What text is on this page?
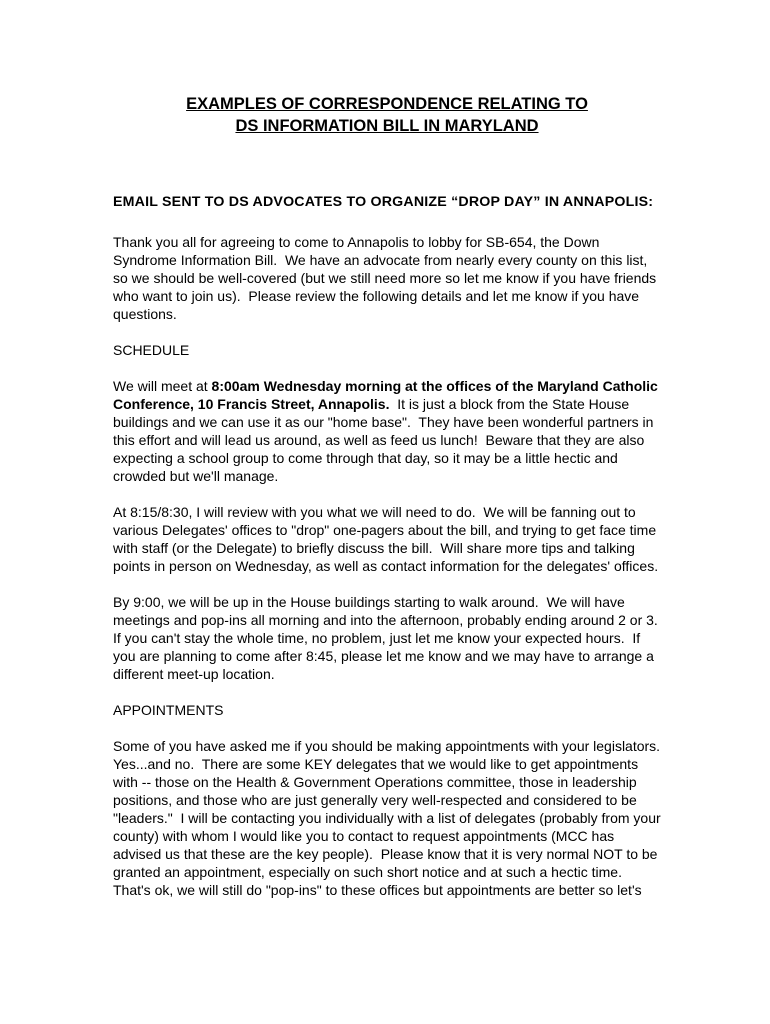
EXAMPLES OF CORRESPONDENCE RELATING TO
DS INFORMATION BILL IN MARYLAND
EMAIL SENT TO DS ADVOCATES TO ORGANIZE “DROP DAY” IN ANNAPOLIS:

Thank you all for agreeing to come to Annapolis to lobby for SB-654, the Down Syndrome Information Bill.  We have an advocate from nearly every county on this list, so we should be well-covered (but we still need more so let me know if you have friends who want to join us).  Please review the following details and let me know if you have questions.

SCHEDULE

We will meet at 8:00am Wednesday morning at the offices of the Maryland Catholic Conference, 10 Francis Street, Annapolis.  It is just a block from the State House buildings and we can use it as our "home base".  They have been wonderful partners in this effort and will lead us around, as well as feed us lunch!  Beware that they are also expecting a school group to come through that day, so it may be a little hectic and crowded but we'll manage.

At 8:15/8:30, I will review with you what we will need to do.  We will be fanning out to various Delegates' offices to "drop" one-pagers about the bill, and trying to get face time with staff (or the Delegate) to briefly discuss the bill.  Will share more tips and talking points in person on Wednesday, as well as contact information for the delegates' offices.

By 9:00, we will be up in the House buildings starting to walk around.  We will have meetings and pop-ins all morning and into the afternoon, probably ending around 2 or 3.  If you can't stay the whole time, no problem, just let me know your expected hours.  If you are planning to come after 8:45, please let me know and we may have to arrange a different meet-up location.

APPOINTMENTS

Some of you have asked me if you should be making appointments with your legislators.  Yes...and no.  There are some KEY delegates that we would like to get appointments with -- those on the Health & Government Operations committee, those in leadership positions, and those who are just generally very well-respected and considered to be "leaders."  I will be contacting you individually with a list of delegates (probably from your county) with whom I would like you to contact to request appointments (MCC has advised us that these are the key people).  Please know that it is very normal NOT to be granted an appointment, especially on such short notice and at such a hectic time.  That's ok, we will still do "pop-ins" to these offices but appointments are better so let's
